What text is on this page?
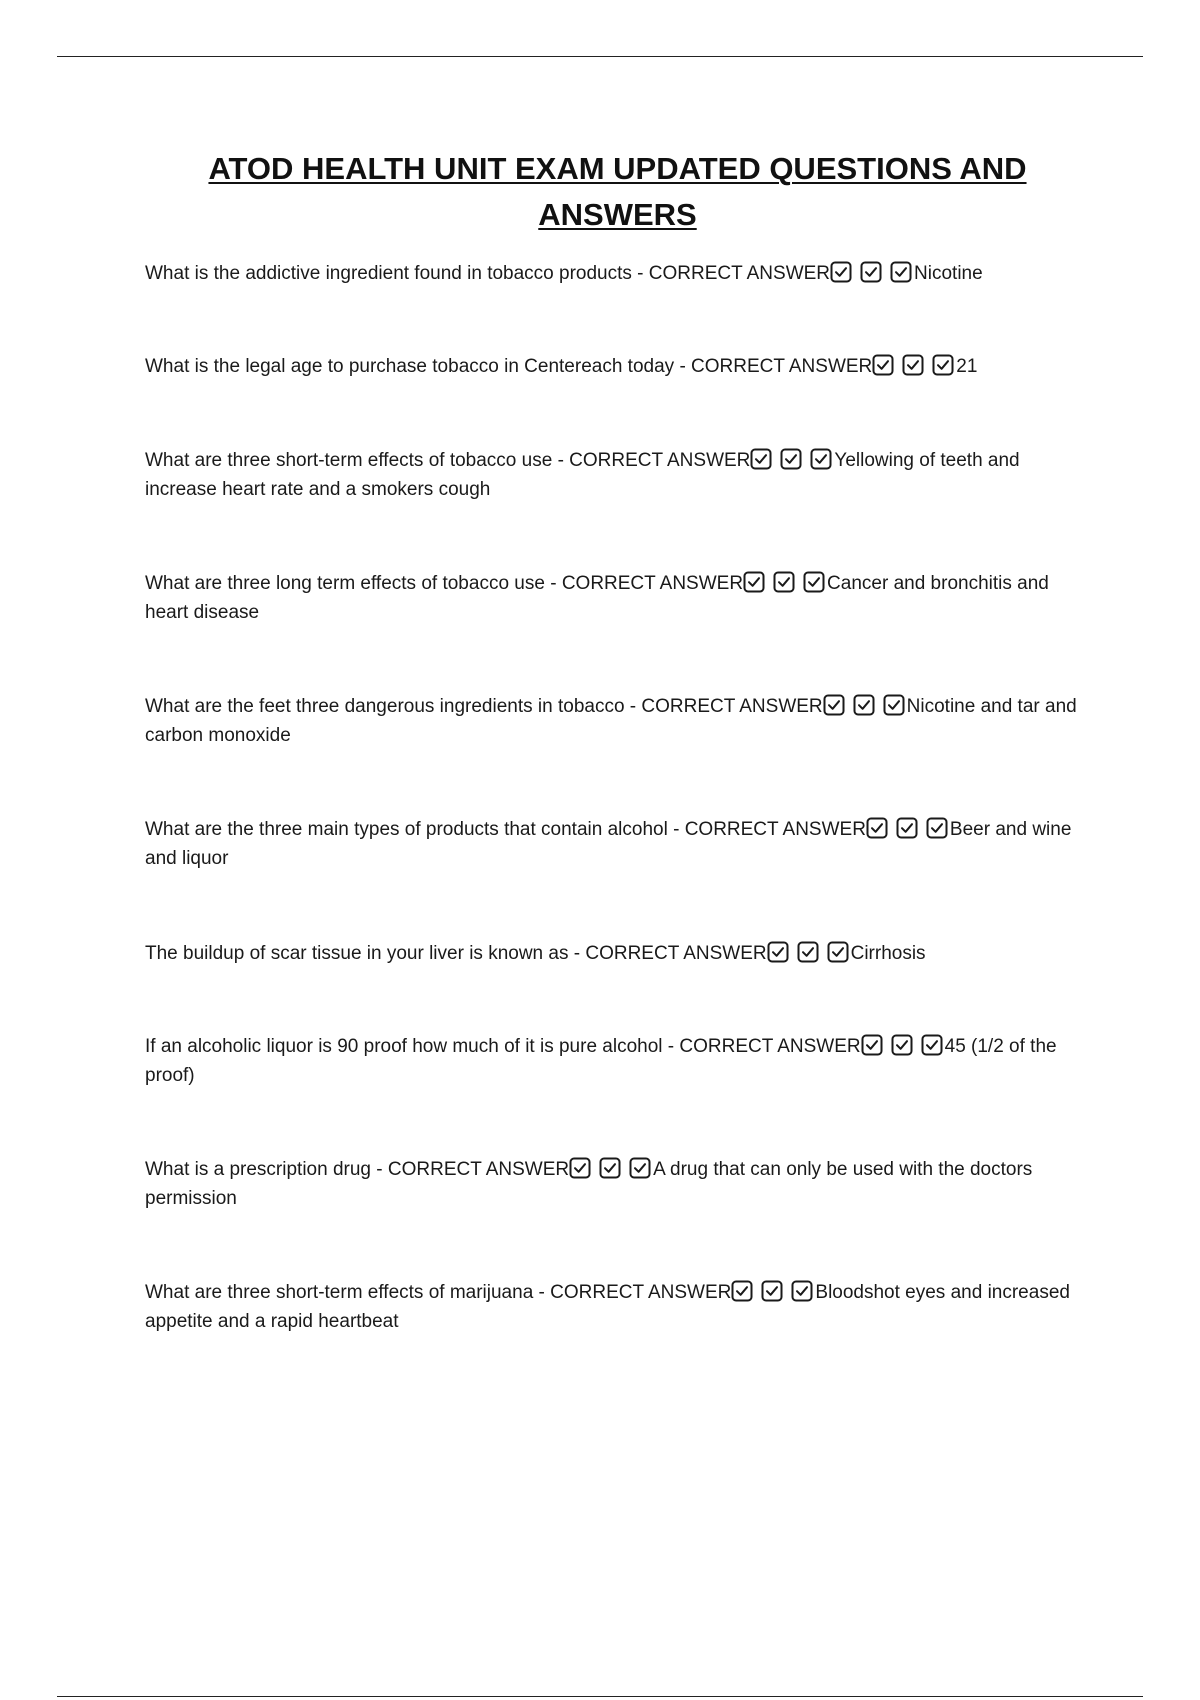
ATOD HEALTH UNIT EXAM UPDATED QUESTIONS AND
ANSWERS

What is the addictive ingredient found in tobacco products - CORRECT ANSWER	Nicotine

What is the legal age to purchase tobacco in Centereach today - CORRECT ANSWER	21

What are three short-term effects of tobacco use - CORRECT ANSWER	Yellowing of teeth and increase heart rate and a smokers cough

What are three long term effects of tobacco use - CORRECT ANSWER	Cancer and bronchitis and heart disease

What are the feet three dangerous ingredients in tobacco - CORRECT ANSWER	Nicotine and tar and carbon monoxide

What are the three main types of products that contain alcohol - CORRECT ANSWER	Beer and wine and liquor

The buildup of scar tissue in your liver is known as - CORRECT ANSWER	Cirrhosis

If an alcoholic liquor is 90 proof how much of it is pure alcohol - CORRECT ANSWER	45 (1/2 of the proof)

What is a prescription drug - CORRECT ANSWER	A drug that can only be used with the doctors permission

What are three short-term effects of marijuana - CORRECT ANSWER	Bloodshot eyes and increased appetite and a rapid heartbeat
